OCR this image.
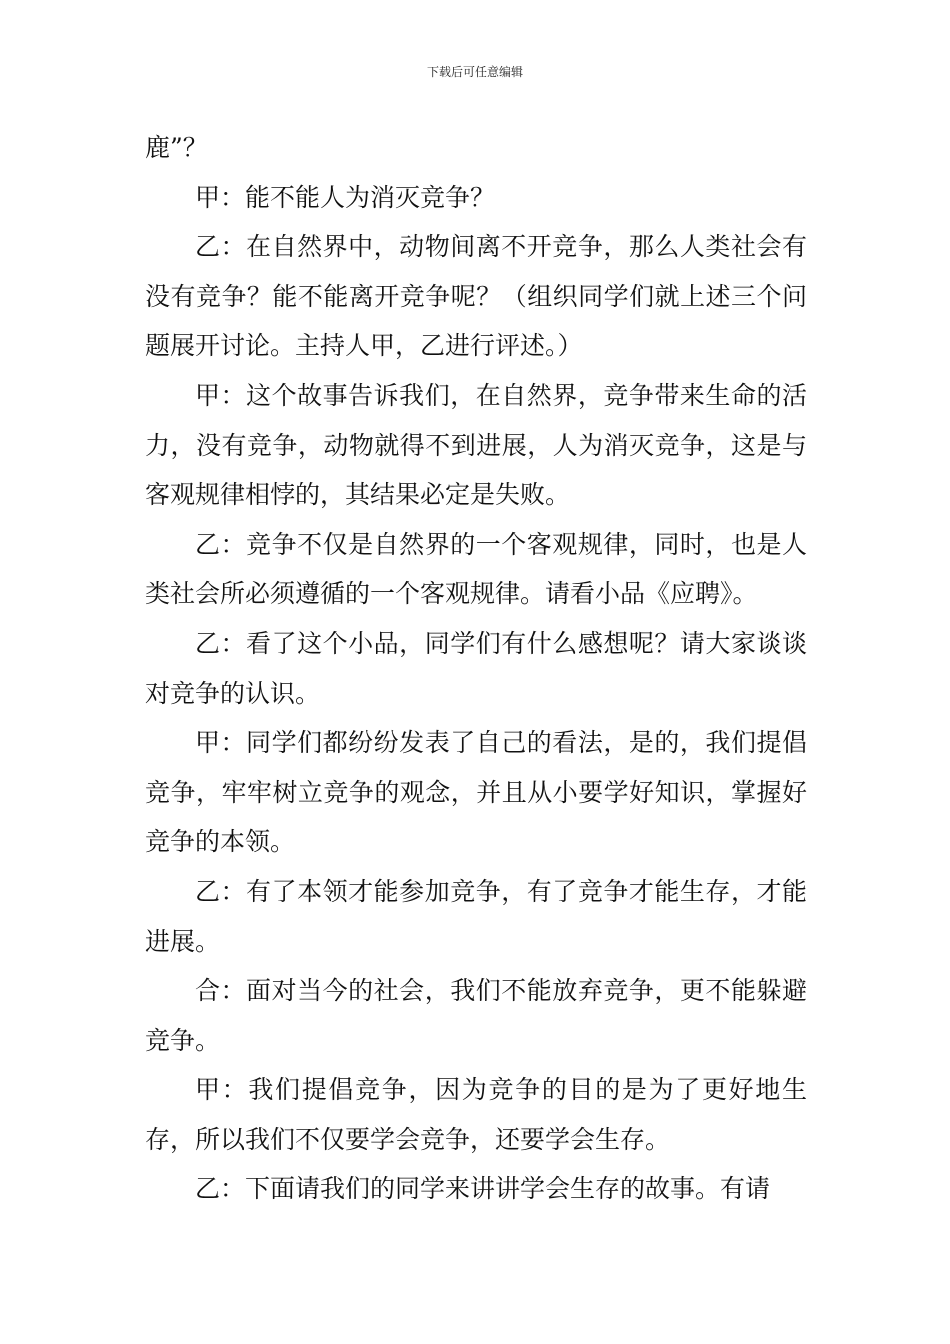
下载后可任意编辑

鹿”？

甲：能不能人为消灭竞争？

乙：在自然界中，动物间离不开竞争，那么人类社会有没有竞争？能不能离开竞争呢？（组织同学们就上述三个问题展开讨论。主持人甲，乙进行评述。）

甲：这个故事告诉我们，在自然界，竞争带来生命的活力，没有竞争，动物就得不到进展，人为消灭竞争，这是与客观规律相悖的，其结果必定是失败。

乙：竞争不仅是自然界的一个客观规律，同时，也是人类社会所必须遵循的一个客观规律。请看小品《应聘》。

乙：看了这个小品，同学们有什么感想呢？请大家谈谈对竞争的认识。

甲：同学们都纷纷发表了自己的看法，是的，我们提倡竞争，牢牢树立竞争的观念，并且从小要学好知识，掌握好竞争的本领。

乙：有了本领才能参加竞争，有了竞争才能生存，才能进展。

合：面对当今的社会，我们不能放弃竞争，更不能躲避竞争。

甲：我们提倡竞争，因为竞争的目的是为了更好地生存，所以我们不仅要学会竞争，还要学会生存。

乙：下面请我们的同学来讲讲学会生存的故事。有请
